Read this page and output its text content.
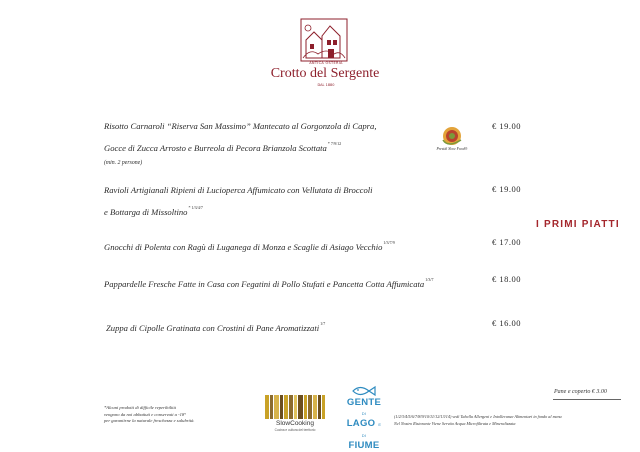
ANTICA OSTERIA
Crotto del Sergente
DAL 1880
Risotto Carnaroli “Riserva San Massimo” Mantecato al Gorgonzola di Capra,
Gocce di Zucca Arrosto e Burreola di Pecora Brianzola Scottata$^{* 7/9/12}$
(min. 2 persone)
€ 19.00
Presidi Slow Food®
Ravioli Artigianali Ripieni di Lucioperca Affumicato con Vellutata di Broccoli
e Bottarga di Missoltino$^{* 1/3/4/7}$
€ 19.00
I PRIMI PIATTI
Gnocchi di Polenta con Ragù di Luganega di Monza e Scaglie di Asiago Vecchio$^{1/3/7/9}$	€ 17.00
Pappardelle Fresche Fatte in Casa con Fegatini di Pollo Stufati e Pancetta Cotta Affumicata$^{1/3/7}$	€ 18.00
Zuppa di Cipolle Gratinata con Crostini di Pane Aromatizzati$^{1/7}$	€ 16.00
*Alcuni prodotti di difficile reperibilità
vengono da noi abbattuti e conservati a -18°
per garantirne la naturale freschezza e salubrità.	SlowCooking
Cucina e cultura del territorio
GENTE
DI LAGO E DI
FIUME
Pane e coperto € 3.00
(1/2/3/4/5/6/7/8/9/10/11/12/13/14) vedi Tabella Allergeni e Intolleranze Alimentari in fondo al menu
Nel Nostro Ristorante Viene Servita Acqua Microfiltrata e Mineralizzata
